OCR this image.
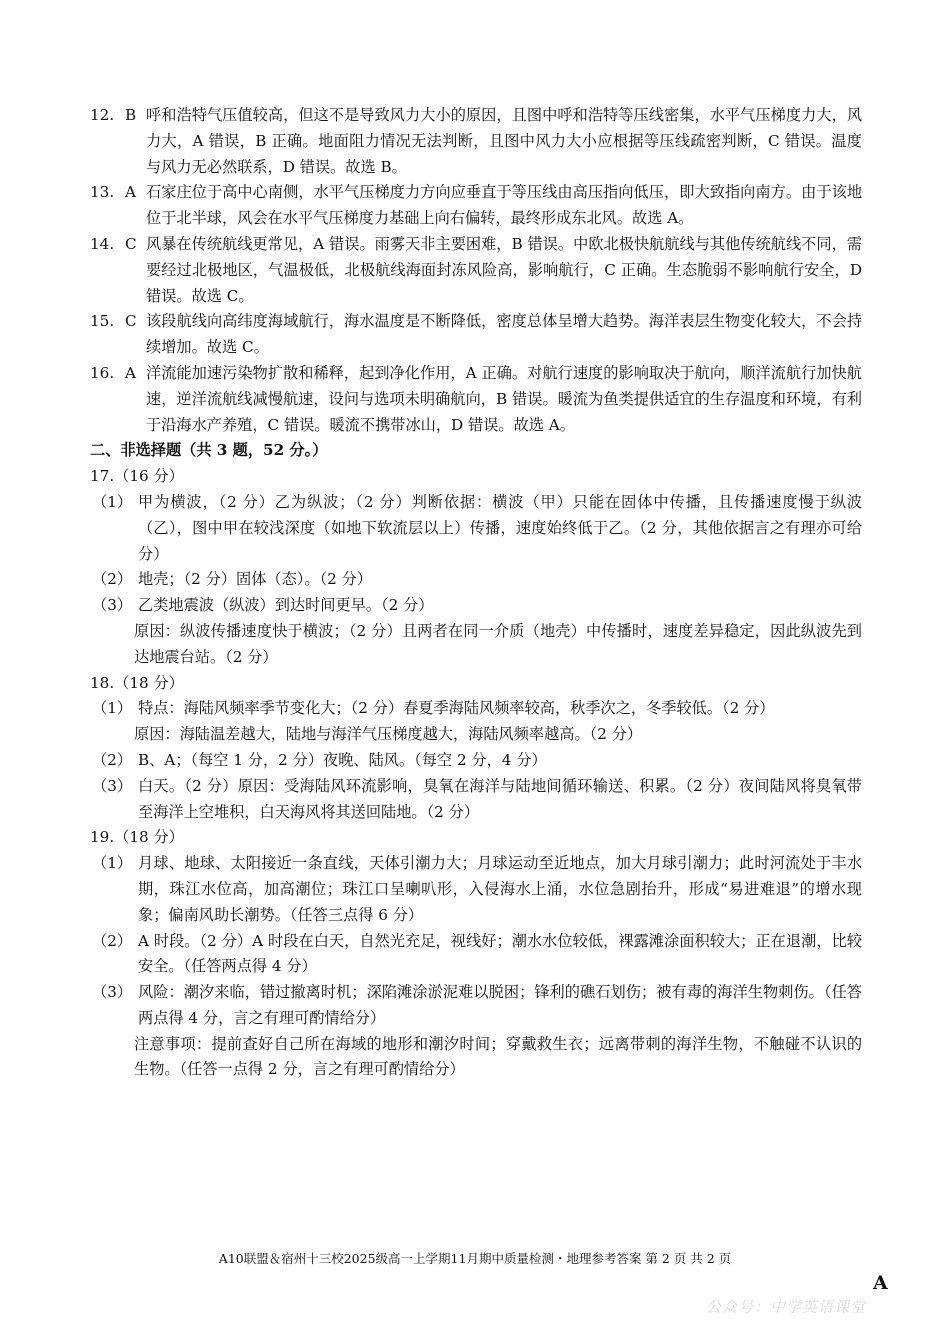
12. B 呼和浩特气压值较高，但这不是导致风力大小的原因，且图中呼和浩特等压线密集，水平气压梯度力大，风力大，A 错误，B 正确。地面阻力情况无法判断，且图中风力大小应根据等压线疏密判断，C 错误。温度与风力无必然联系，D 错误。故选 B。
13. A 石家庄位于高中心南侧，水平气压梯度力方向应垂直于等压线由高压指向低压，即大致指向南方。由于该地位于北半球，风会在水平气压梯度力基础上向右偏转，最终形成东北风。故选 A。
14. C 风暴在传统航线更常见，A 错误。雨雾天非主要困难，B 错误。中欧北极快航航线与其他传统航线不同，需要经过北极地区，气温极低，北极航线海面封冻风险高，影响航行，C 正确。生态脆弱不影响航行安全，D 错误。故选 C。
15. C 该段航线向高纬度海域航行，海水温度是不断降低，密度总体呈增大趋势。海洋表层生物变化较大，不会持续增加。故选 C。
16. A 洋流能加速污染物扩散和稀释，起到净化作用，A 正确。对航行速度的影响取决于航向，顺洋流航行加快航速，逆洋流航线减慢航速，设问与选项未明确航向，B 错误。暖流为鱼类提供适宜的生存温度和环境，有利于沿海水产养殖，C 错误。暖流不携带冰山，D 错误。故选 A。
二、非选择题（共 3 题，52 分。）
17.（16 分）
（1） 甲为横波，（2 分）乙为纵波；（2 分）判断依据：横波（甲）只能在固体中传播，且传播速度慢于纵波（乙），图中甲在较浅深度（如地下软流层以上）传播，速度始终低于乙。（2 分，其他依据言之有理亦可给分）
（2） 地壳；（2 分）固体（态）。（2 分）
（3） 乙类地震波（纵波）到达时间更早。（2 分）
原因：纵波传播速度快于横波；（2 分）且两者在同一介质（地壳）中传播时，速度差异稳定，因此纵波先到达地震台站。（2 分）
18.（18 分）
（1） 特点：海陆风频率季节变化大；（2 分）春夏季海陆风频率较高，秋季次之，冬季较低。（2 分）
原因：海陆温差越大，陆地与海洋气压梯度越大，海陆风频率越高。（2 分）
（2） B、A；（每空 1 分，2 分）夜晚、陆风。（每空 2 分，4 分）
（3） 白天。（2 分）原因：受海陆风环流影响，臭氧在海洋与陆地间循环输送、积累。（2 分）夜间陆风将臭氧带至海洋上空堆积，白天海风将其送回陆地。（2 分）
19.（18 分）
（1） 月球、地球、太阳接近一条直线，天体引潮力大；月球运动至近地点，加大月球引潮力；此时河流处于丰水期，珠江水位高，加高潮位；珠江口呈喇叭形，入侵海水上涌，水位急剧抬升，形成“易进难退”的增水现象；偏南风助长潮势。（任答三点得 6 分）
（2） A 时段。（2 分）A 时段在白天，自然光充足，视线好；潮水水位较低，裸露滩涂面积较大；正在退潮，比较安全。（任答两点得 4 分）
（3） 风险：潮汐来临，错过撤离时机；深陷滩涂淤泥难以脱困；锋利的礁石划伤；被有毒的海洋生物刺伤。（任答两点得 4 分，言之有理可酌情给分）
注意事项：提前查好自己所在海域的地形和潮汐时间；穿戴救生衣；远离带刺的海洋生物，不触碰不认识的生物。（任答一点得 2 分，言之有理可酌情给分）
A10联盟＆宿州十三校2025级高一上学期11月期中质量检测・地理参考答案 第 2 页 共 2 页
A
公众号：中学英语课堂
